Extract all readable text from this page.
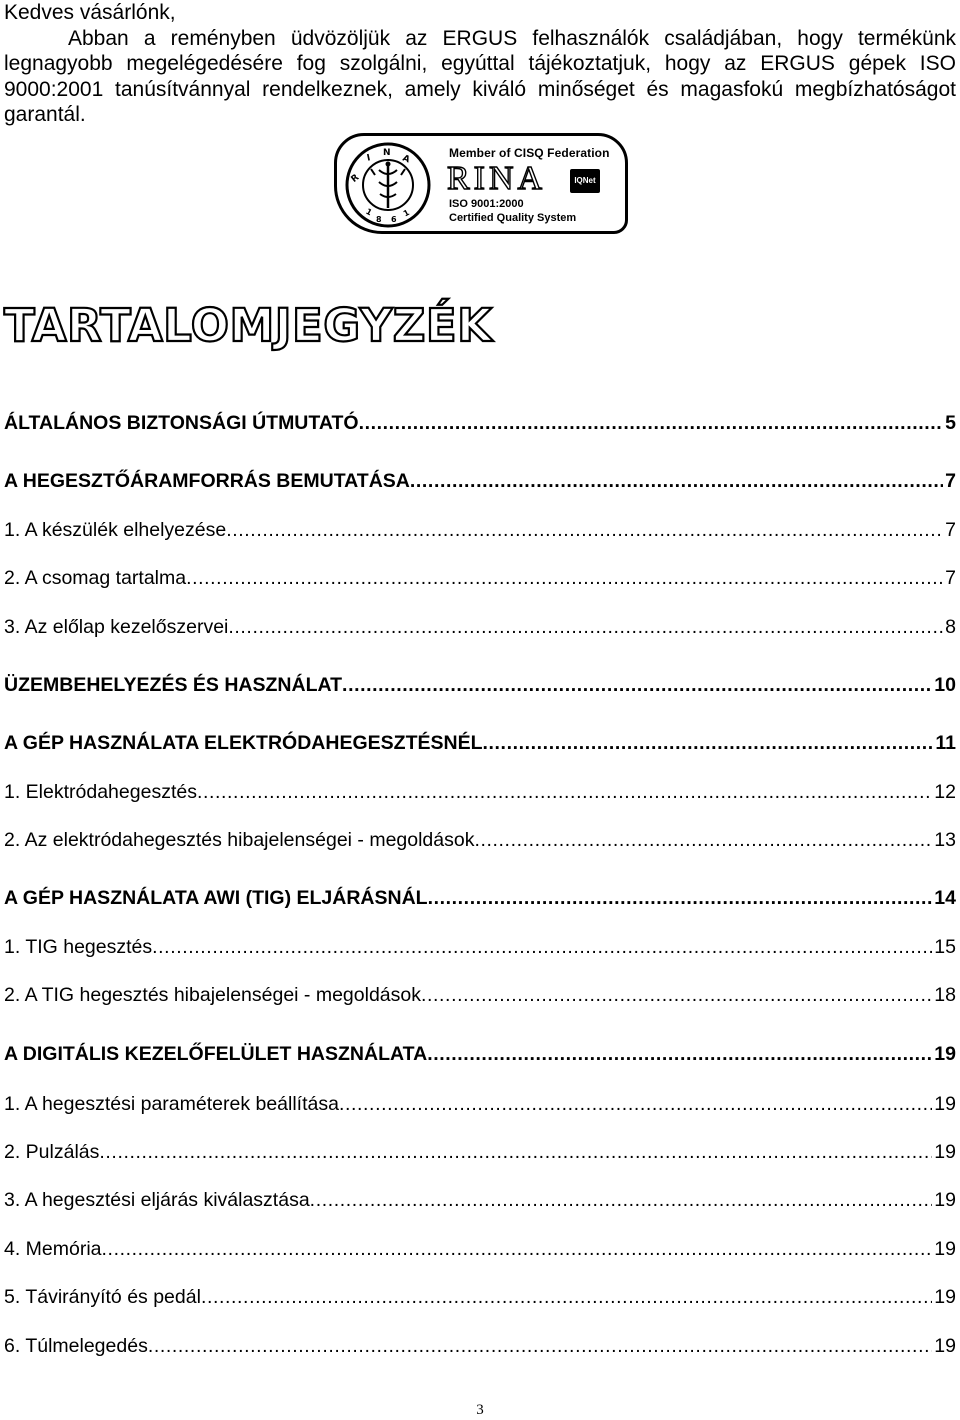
Kedves vásárlónk,
Abban a reményben üdvözöljük az ERGUS felhasználók családjában, hogy termékünk legnagyobb megelégedésére fog szolgálni, egyúttal tájékoztatjuk, hogy az ERGUS gépek ISO 9000:2001 tanúsítvánnyal rendelkeznek, amely kiváló minőséget és magasfokú megbízhatóságot garantál.
R
I
N
A
1
8 6
1
Member of CISQ Federation
RINA	IQNet
ISO 9001:2000
Certified Quality System
TARTALOMJEGYZÉK
ÁLTALÁNOS BIZTONSÁGI ÚTMUTATÓ .....	5
A HEGESZTŐÁRAMFORRÁS BEMUTATÁSA .....	7
1. A készülék elhelyezése .....	7
2. A csomag tartalma .....	7
3. Az előlap kezelőszervei .....	8
ÜZEMBEHELYEZÉS ÉS HASZNÁLAT .....	10
A GÉP HASZNÁLATA ELEKTRÓDAHEGESZTÉSNÉL .....	11
1. Elektródahegesztés .....	12
2. Az elektródahegesztés hibajelenségei - megoldások .....	13
A GÉP HASZNÁLATA AWI (TIG) ELJÁRÁSNÁL .....	14
1. TIG hegesztés .....	15
2. A TIG hegesztés hibajelenségei - megoldások .....	18
A DIGITÁLIS KEZELŐFELÜLET HASZNÁLATA .....	19
1. A hegesztési paraméterek beállítása .....	19
2. Pulzálás .....	19
3. A hegesztési eljárás kiválasztása .....	19
4. Memória .....	19
5. Távirányító és pedál .....	19
6. Túlmelegedés .....	19
3
